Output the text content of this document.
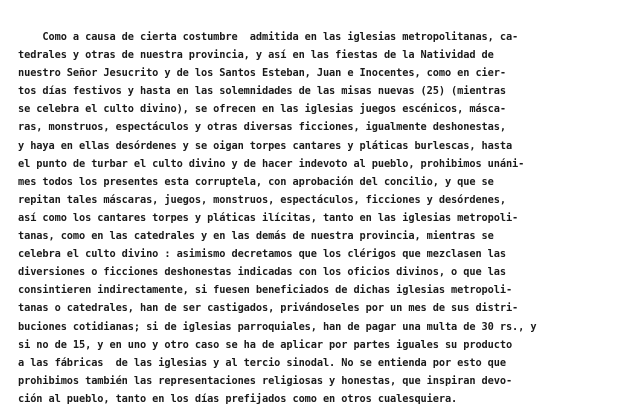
Como a causa de cierta costumbre  admitida en las iglesias metropolitanas, ca-
tedrales y otras de nuestra provincia, y así en las fiestas de la Natividad de
nuestro Señor Jesucrito y de los Santos Esteban, Juan e Inocentes, como en cier-
tos días festivos y hasta en las solemnidades de las misas nuevas (25) (mientras
se celebra el culto divino), se ofrecen en las iglesias juegos escénicos, másca-
ras, monstruos, espectáculos y otras diversas ficciones, igualmente deshonestas,
y haya en ellas desórdenes y se oigan torpes cantares y pláticas burlescas, hasta
el punto de turbar el culto divino y de hacer indevoto al pueblo, prohibimos unáni-
mes todos los presentes esta corruptela, con aprobación del concilio, y que se
repitan tales máscaras, juegos, monstruos, espectáculos, ficciones y desórdenes,
así como los cantares torpes y pláticas ilícitas, tanto en las iglesias metropoli-
tanas, como en las catedrales y en las demás de nuestra provincia, mientras se
celebra el culto divino : asimismo decretamos que los clérigos que mezclasen las
diversiones o ficciones deshonestas indicadas con los oficios divinos, o que las
consintieren indirectamente, si fuesen beneficiados de dichas iglesias metropoli-
tanas o catedrales, han de ser castigados, privándoseles por un mes de sus distri-
buciones cotidianas; si de iglesias parroquiales, han de pagar una multa de 30 rs., y
si no de 15, y en uno y otro caso se ha de aplicar por partes iguales su producto
a las fábricas  de las iglesias y al tercio sinodal. No se entienda por esto que
prohibimos también las representaciones religiosas y honestas, que inspiran devo-
ción al pueblo, tanto en los días prefijados como en otros cualesquiera.
